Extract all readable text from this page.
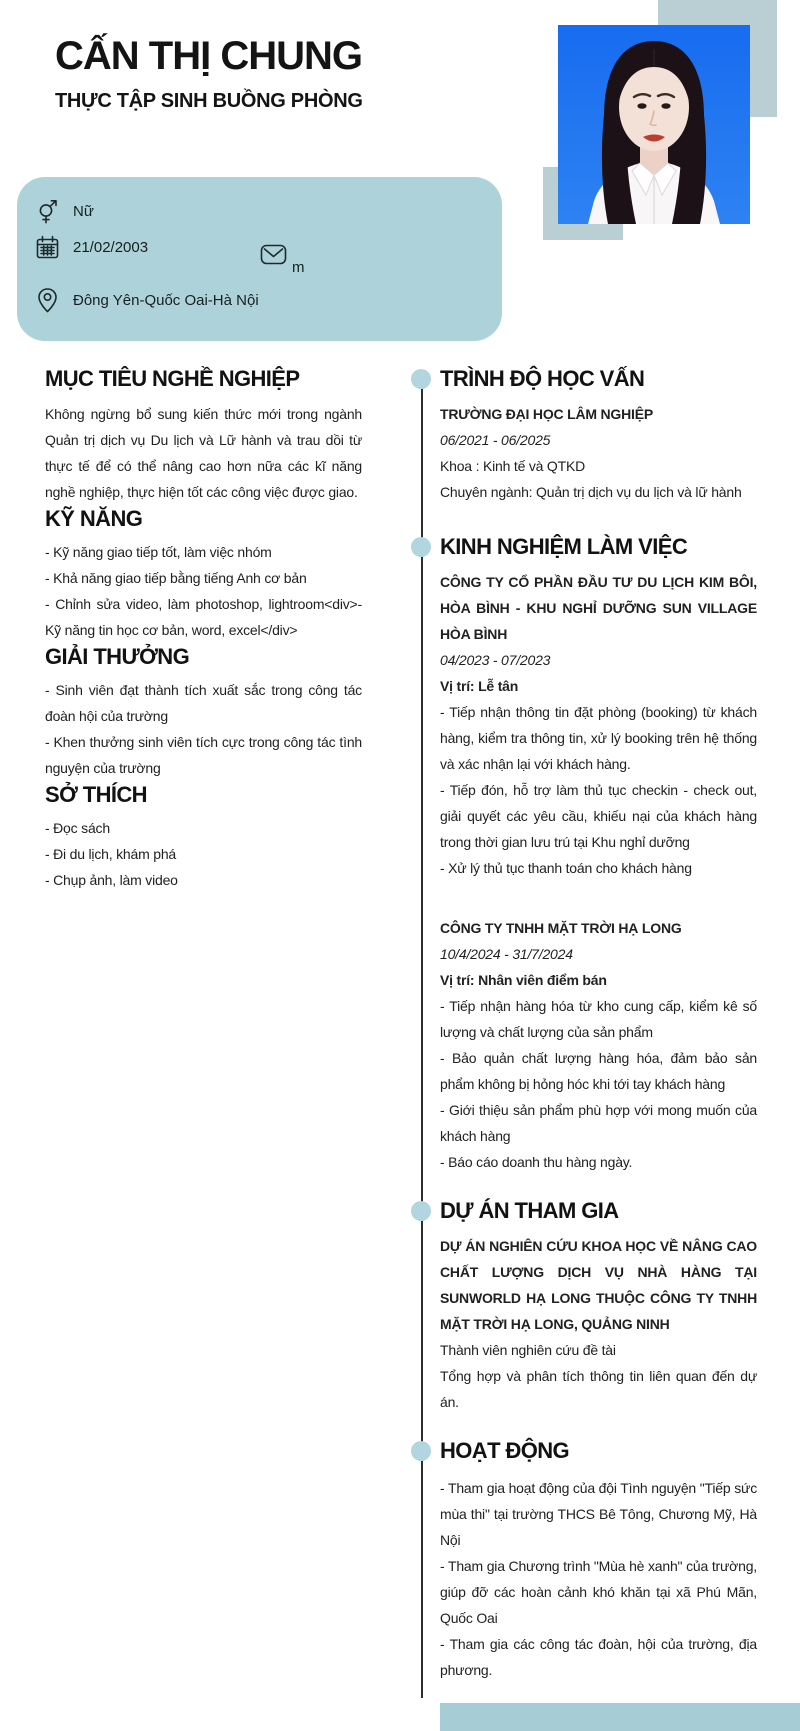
CẤN THỊ CHUNG
THỰC TẬP SINH BUỒNG PHÒNG
Nữ
21/02/2003
m
Đông Yên-Quốc Oai-Hà Nội
MỤC TIÊU NGHỀ NGHIỆP

Không ngừng bổ sung kiến thức mới trong ngành Quản trị dịch vụ Du lịch và Lữ hành và trau dồi từ thực tế để có thể nâng cao hơn nữa các kĩ năng nghề nghiệp, thực hiện tốt các công việc được giao.

KỸ NĂNG

- Kỹ năng giao tiếp tốt, làm việc nhóm

- Khả năng giao tiếp bằng tiếng Anh cơ bản

- Chỉnh sửa video, làm photoshop, lightroom<div>- Kỹ năng tin học cơ bản, word, excel</div>

GIẢI THƯỞNG

- Sinh viên đạt thành tích xuất sắc trong công tác đoàn hội của trường

- Khen thưởng sinh viên tích cực trong công tác tình nguyện của trường

SỞ THÍCH

- Đọc sách

- Đi du lịch, khám phá

- Chụp ảnh, làm video

TRÌNH ĐỘ HỌC VẤN

TRƯỜNG ĐẠI HỌC LÂM NGHIỆP

06/2021 - 06/2025

Khoa : Kinh tế và QTKD

Chuyên ngành: Quản trị dịch vụ du lịch và lữ hành

KINH NGHIỆM LÀM VIỆC

CÔNG TY CỔ PHẦN ĐẦU TƯ DU LỊCH KIM BÔI, HÒA BÌNH - KHU NGHỈ DƯỠNG SUN VILLAGE HÒA BÌNH

04/2023 - 07/2023

Vị trí: Lễ tân

- Tiếp nhận thông tin đặt phòng (booking) từ khách hàng, kiểm tra thông tin, xử lý booking trên hệ thống và xác nhận lại với khách hàng.

- Tiếp đón, hỗ trợ làm thủ tục checkin - check out, giải quyết các yêu cầu, khiếu nại của khách hàng trong thời gian lưu trú tại Khu nghỉ dưỡng

- Xử lý thủ tục thanh toán cho khách hàng

CÔNG TY TNHH MẶT TRỜI HẠ LONG

10/4/2024 - 31/7/2024

Vị trí: Nhân viên điểm bán

- Tiếp nhận hàng hóa từ kho cung cấp, kiểm kê số lượng và chất lượng của sản phẩm

- Bảo quản chất lượng hàng hóa, đảm bảo sản phẩm không bị hỏng hóc khi tới tay khách hàng

- Giới thiệu sản phẩm phù hợp với mong muốn của khách hàng

- Báo cáo doanh thu hàng ngày.

DỰ ÁN THAM GIA

DỰ ÁN NGHIÊN CỨU KHOA HỌC VỀ NÂNG CAO CHẤT LƯỢNG DỊCH VỤ NHÀ HÀNG TẠI SUNWORLD HẠ LONG THUỘC CÔNG TY TNHH MẶT TRỜI HẠ LONG, QUẢNG NINH

Thành viên nghiên cứu đề tài

Tổng hợp và phân tích thông tin liên quan đến dự án.

HOẠT ĐỘNG

- Tham gia hoạt động của đội Tình nguyện "Tiếp sức mùa thi" tại trường THCS Bê Tông, Chương Mỹ, Hà Nội

- Tham gia Chương trình "Mùa hè xanh" của trường, giúp đỡ các hoàn cảnh khó khăn tại xã Phú Mãn, Quốc Oai

- Tham gia các công tác đoàn, hội của trường, địa phương.
